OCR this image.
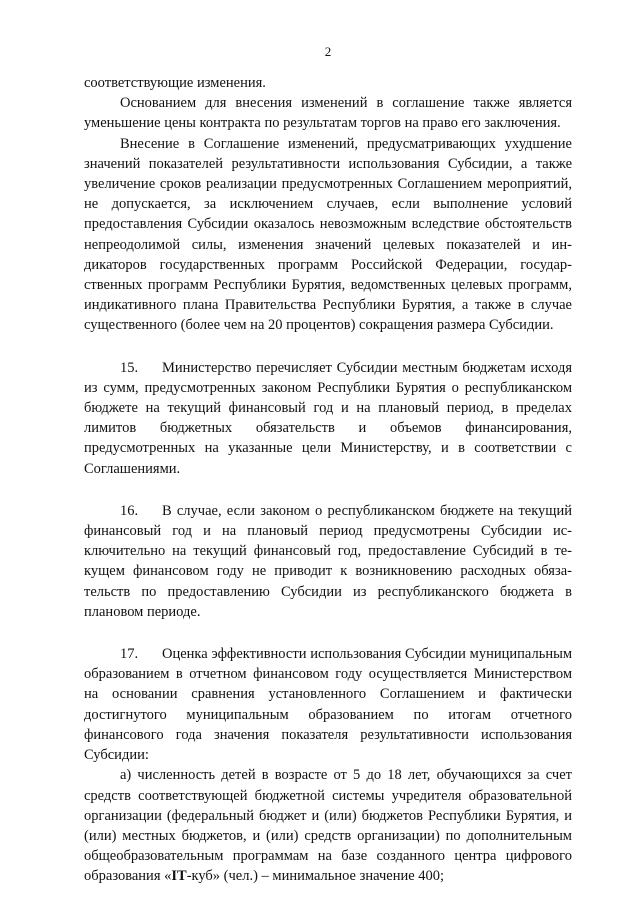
2

соответствующие изменения.

Основанием для внесения изменений в соглашение также является уменьшение цены контракта по результатам торгов на право его заключения.

Внесение в Соглашение изменений, предусматривающих ухудшение значений показателей результативности использования Субсидии, а также увеличение сроков реализации предусмотренных Соглашением мероприятий, не допускается, за исключением случаев, если выполнение условий предоставления Субсидии оказалось невозможным вследствие обстоятельств непреодолимой силы, изменения значений целевых показателей и индикаторов государственных программ Российской Федерации, государственных программ Республики Бурятия, ведомственных целевых программ, индикативного плана Правительства Республики Бурятия, а также в случае существенного (более чем на 20 процентов) сокращения размера Субсидии.

15. Министерство перечисляет Субсидии местным бюджетам исходя из сумм, предусмотренных законом Республики Бурятия о республиканском бюджете на текущий финансовый год и на плановый период, в пределах лимитов бюджетных обязательств и объемов финансирования, предусмотренных на указанные цели Министерству, и в соответствии с Соглашениями.

16. В случае, если законом о республиканском бюджете на текущий финансовый год и на плановый период предусмотрены Субсидии исключительно на текущий финансовый год, предоставление Субсидий в текущем финансовом году не приводит к возникновению расходных обязательств по предоставлению Субсидии из республиканского бюджета в плановом периоде.

17. Оценка эффективности использования Субсидии муниципальным образованием в отчетном финансовом году осуществляется Министерством на основании сравнения установленного Соглашением и фактически достигнутого муниципальным образованием по итогам отчетного финансового года значения показателя результативности использования Субсидии:

а) численность детей в возрасте от 5 до 18 лет, обучающихся за счет средств соответствующей бюджетной системы учредителя образовательной организации (федеральный бюджет и (или) бюджетов Республики Бурятия, и (или) местных бюджетов, и (или) средств организации) по дополнительным общеобразовательным программам на базе созданного центра цифрового образования «IT-куб» (чел.) – минимальное значение 400;
